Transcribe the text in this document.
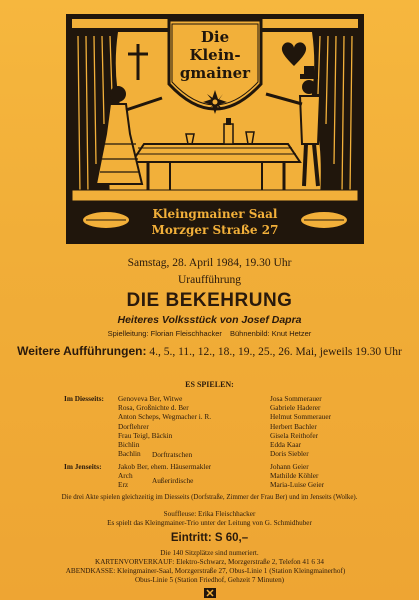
Die
Klein-
gmainer
Kleingmainer Saal
Morzger Straße 27
Samstag, 28. April 1984, 19.30 Uhr
Uraufführung
DIE BEKEHRUNG
Heiteres Volksstück von Josef Dapra
Spielleitung: Florian Fleischhacker Bühnenbild: Knut Hetzer
Weitere Aufführungen: 4., 5., 11., 12., 18., 19., 25., 26. Mai, jeweils 19.30 Uhr
ES SPIELEN:
Im Diesseits: Genoveva Ber, Witwe
Rosa, Großnichte d. Ber
Anton Scheps, Wegmacher i. R.
Dorflehrer
Frau Teigl, Bäckin
Bichlin
Bachlin	Dorftratschen
Josa Sommerauer
Gabriele Haderer
Helmut Sommerauer
Herbert Bachler
Gisela Reithofer
Edda Kaar
Doris Siebler
Im Jenseits: Jakob Ber, ehem. Häusermakler
Arch
Erz	Außerirdische
Johann Geier
Mathilde Köhler
Maria-Luise Geier
Die drei Akte spielen gleichzeitig im Diesseits (Dorfstraße, Zimmer der Frau Ber) und im Jenseits (Wolke).
Souffleuse: Erika Fleischhacker
Es spielt das Kleingmainer-Trio unter der Leitung von G. Schmidhuber
Eintritt: S 60,–
Die 140 Sitzplätze sind numeriert.
KARTENVORVERKAUF: Elektro-Schwarz, Morzgerstraße 2, Telefon 41 6 34
ABENDKASSE: Kleingmainer-Saal, Morzgerstraße 27, Obus-Linie 1 (Station Kleingmainerhof)
Obus-Linie 5 (Station Friedhof, Gehzeit 7 Minuten)
